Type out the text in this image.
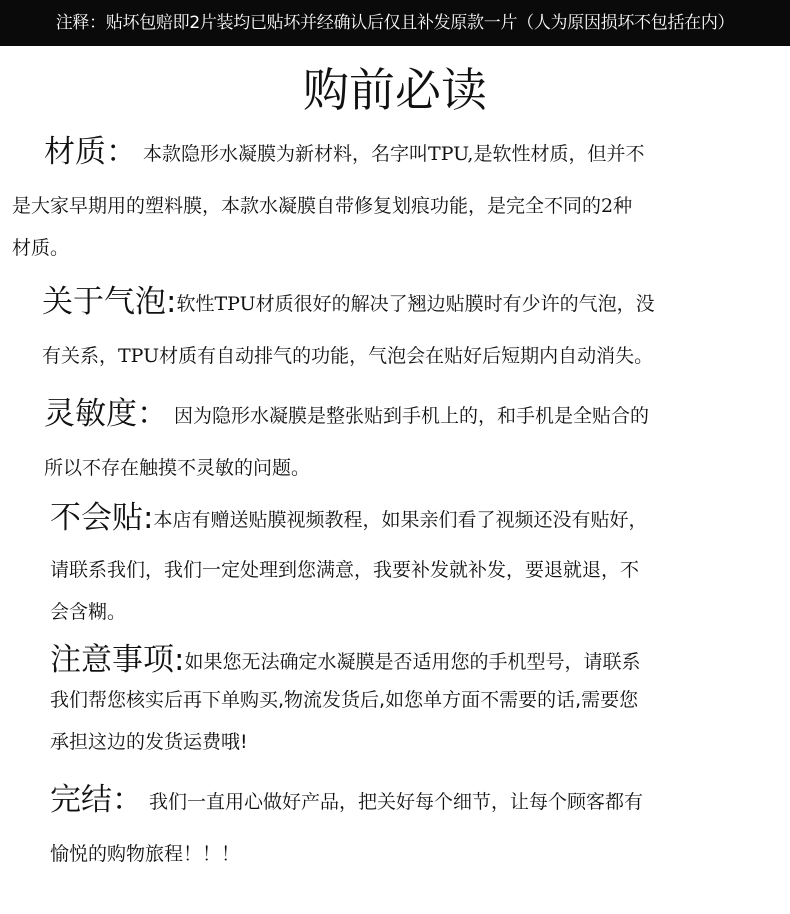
注释：贴坏包赔即2片装均已贴坏并经确认后仅且补发原款一片（人为原因损坏不包括在内）
购前必读
材质： 本款隐形水凝膜为新材料，名字叫TPU,是软性材质，但并不
是大家早期用的塑料膜，本款水凝膜自带修复划痕功能，是完全不同的2种
材质。
关于气泡:软性TPU材质很好的解决了翘边贴膜时有少许的气泡，没
有关系，TPU材质有自动排气的功能，气泡会在贴好后短期内自动消失。
灵敏度： 因为隐形水凝膜是整张贴到手机上的，和手机是全贴合的
所以不存在触摸不灵敏的问题。
不会贴:本店有赠送贴膜视频教程，如果亲们看了视频还没有贴好，
请联系我们，我们一定处理到您满意，我要补发就补发，要退就退，不
会含糊。
注意事项:如果您无法确定水凝膜是否适用您的手机型号，请联系
我们帮您核实后再下单购买,物流发货后,如您单方面不需要的话,需要您
承担这边的发货运费哦!
完结： 我们一直用心做好产品，把关好每个细节，让每个顾客都有
愉悦的购物旅程！！！
